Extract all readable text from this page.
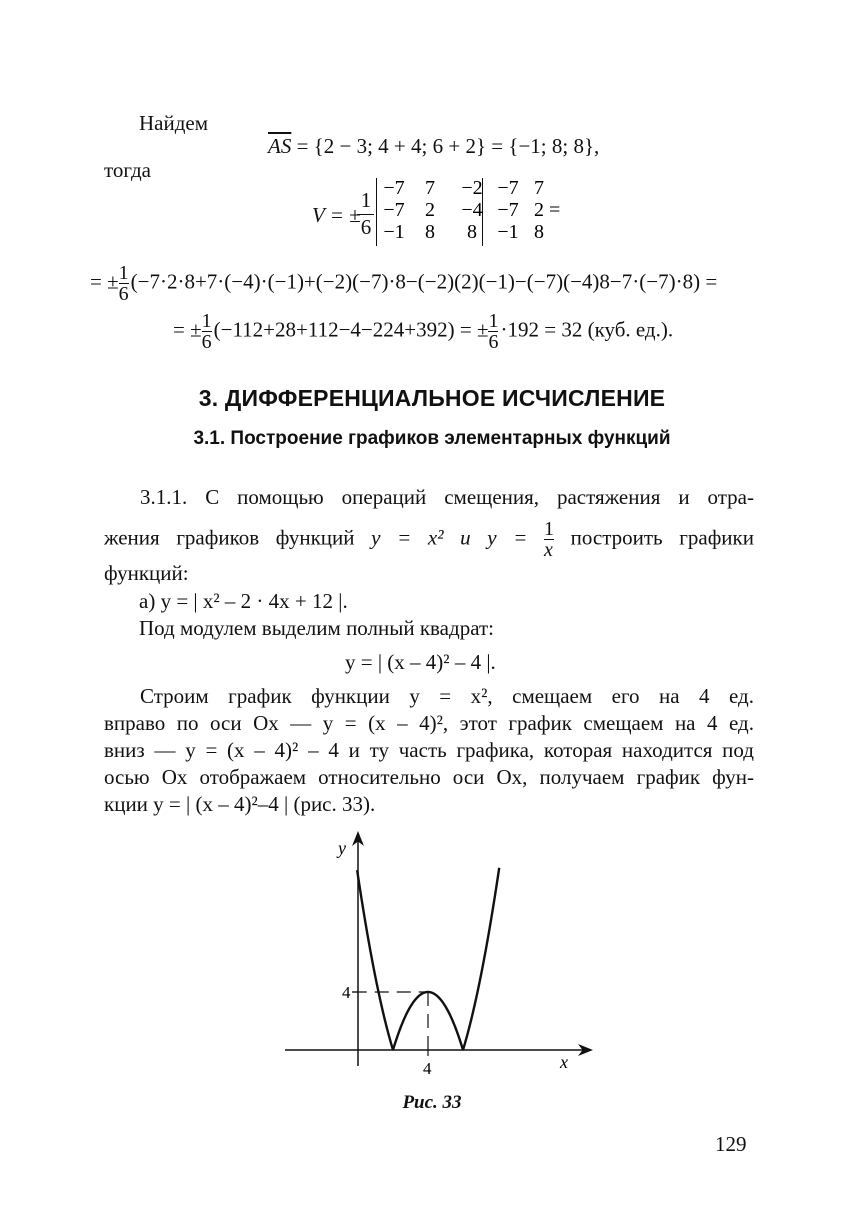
Найдем
$\overline{AS} = \{2 - 3$; 4 + 4; 6 + 2} = {−1; 8; 8},
тогда
V = ±
1
6
−7 7 −2 −7 7
−7 2 −4 −7 2 =
−1 8 8 −1 8
= ± $\frac{1}{6} (-7\cdot 2\cdot 8+7\cdot(-4)\cdot(-1)+(-2)(-7)\cdot 8-(-2)(2)(-1)-(-7)(-4)8-7\cdot(-7)\cdot 8)$ =
= ± $\frac{1}{6} (-112+28+112-4-224+392)$ = ± $\frac{1}{6} \cdot 192 = 32$ (куб. ед.).
3. ДИФФЕРЕНЦИАЛЬНОЕ ИСЧИСЛЕНИЕ
3.1. Построение графиков элементарных функций
3.1.1. С помощью операций смещения, растяжения и отра-
жения графиков функций y = x² и $y = \frac{1}{x}$ построить графики
функций:
а) y = | x² – 2 · 4x + 12 |.
Под модулем выделим полный квадрат:
y = | (x – 4)² – 4 |.
Строим график функции y = x², смещаем его на 4 ед.
вправо по оси Ox — y = (x – 4)², этот график смещаем на 4 ед.
вниз — y = (x – 4)² – 4 и ту часть графика, которая находится под
осью Ox отображаем относительно оси Ox, получаем график фун-
кции y = | (x – 4)²–4 | (рис. 33).
y
x
4
4
Рис. 33
129
